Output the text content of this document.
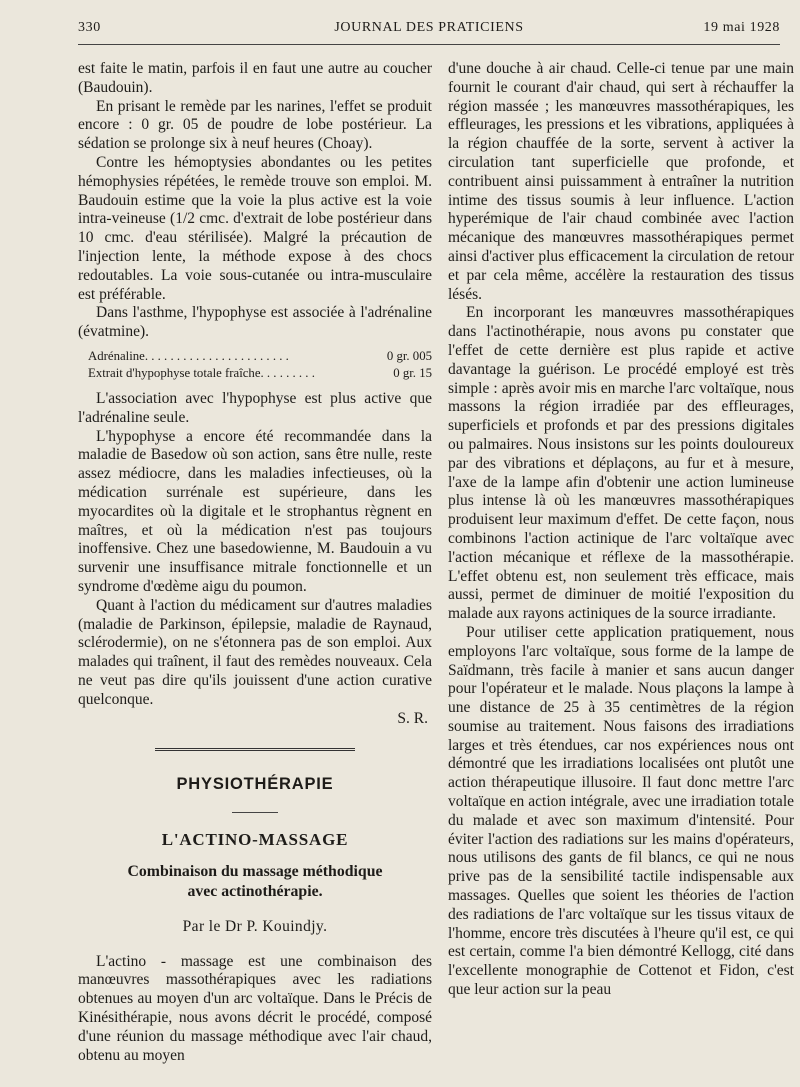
330	JOURNAL DES PRATICIENS	19 mai 1928

est faite le matin, parfois il en faut une autre au coucher (Baudouin).

En prisant le remède par les narines, l'effet se produit encore : 0 gr. 05 de poudre de lobe postérieur. La sédation se prolonge six à neuf heures (Choay).

Contre les hémoptysies abondantes ou les petites hémophysies répétées, le remède trouve son emploi. M. Baudouin estime que la voie la plus active est la voie intra-veineuse (1/2 cmc. d'extrait de lobe postérieur dans 10 cmc. d'eau stérilisée). Malgré la précaution de l'injection lente, la méthode expose à des chocs redoutables. La voie sous-cutanée ou intra-musculaire est préférable.

Dans l'asthme, l'hypophyse est associée à l'adrénaline (évatmine).

Adrénaline. . . . . . . . . . . . . . . . . . . . . . .	0 gr. 005
Extrait d'hypophyse totale fraîche. . . . . . . . .	0 gr. 15

L'association avec l'hypophyse est plus active que l'adrénaline seule.

L'hypophyse a encore été recommandée dans la maladie de Basedow où son action, sans être nulle, reste assez médiocre, dans les maladies infectieuses, où la médication surrénale est supérieure, dans les myocardites où la digitale et le strophantus règnent en maîtres, et où la médication n'est pas toujours inoffensive. Chez une basedowienne, M. Baudouin a vu survenir une insuffisance mitrale fonctionnelle et un syndrome d'œdème aigu du poumon.

Quant à l'action du médicament sur d'autres maladies (maladie de Parkinson, épilepsie, maladie de Raynaud, sclérodermie), on ne s'étonnera pas de son emploi. Aux malades qui traînent, il faut des remèdes nouveaux. Cela ne veut pas dire qu'ils jouissent d'une action curative quelconque.

S. R.

PHYSIOTHÉRAPIE
L'ACTINO-MASSAGE
Combinaison du massage méthodique
avec actinothérapie.
Par le Dr P. Kouindjy.

L'actino - massage est une combinaison des manœuvres massothérapiques avec les radiations obtenues au moyen d'un arc voltaïque. Dans le Précis de Kinésithérapie, nous avons décrit le procédé, composé d'une réunion du massage méthodique avec l'air chaud, obtenu au moyen

d'une douche à air chaud. Celle-ci tenue par une main fournit le courant d'air chaud, qui sert à réchauffer la région massée ; les manœuvres massothérapiques, les effleurages, les pressions et les vibrations, appliquées à la région chauffée de la sorte, servent à activer la circulation tant superficielle que profonde, et contribuent ainsi puissamment à entraîner la nutrition intime des tissus soumis à leur influence. L'action hyperémique de l'air chaud combinée avec l'action mécanique des manœuvres massothérapiques permet ainsi d'activer plus efficacement la circulation de retour et par cela même, accélère la restauration des tissus lésés.

En incorporant les manœuvres massothérapiques dans l'actinothérapie, nous avons pu constater que l'effet de cette dernière est plus rapide et active davantage la guérison. Le procédé employé est très simple : après avoir mis en marche l'arc voltaïque, nous massons la région irradiée par des effleurages, superficiels et profonds et par des pressions digitales ou palmaires. Nous insistons sur les points douloureux par des vibrations et déplaçons, au fur et à mesure, l'axe de la lampe afin d'obtenir une action lumineuse plus intense là où les manœuvres massothérapiques produisent leur maximum d'effet. De cette façon, nous combinons l'action actinique de l'arc voltaïque avec l'action mécanique et réflexe de la massothérapie. L'effet obtenu est, non seulement très efficace, mais aussi, permet de diminuer de moitié l'exposition du malade aux rayons actiniques de la source irradiante.

Pour utiliser cette application pratiquement, nous employons l'arc voltaïque, sous forme de la lampe de Saïdmann, très facile à manier et sans aucun danger pour l'opérateur et le malade. Nous plaçons la lampe à une distance de 25 à 35 centimètres de la région soumise au traitement. Nous faisons des irradiations larges et très étendues, car nos expériences nous ont démontré que les irradiations localisées ont plutôt une action thérapeutique illusoire. Il faut donc mettre l'arc voltaïque en action intégrale, avec une irradiation totale du malade et avec son maximum d'intensité. Pour éviter l'action des radiations sur les mains d'opérateurs, nous utilisons des gants de fil blancs, ce qui ne nous prive pas de la sensibilité tactile indispensable aux massages. Quelles que soient les théories de l'action des radiations de l'arc voltaïque sur les tissus vitaux de l'homme, encore très discutées à l'heure qu'il est, ce qui est certain, comme l'a bien démontré Kellogg, cité dans l'excellente monographie de Cottenot et Fidon, c'est que leur action sur la peau
